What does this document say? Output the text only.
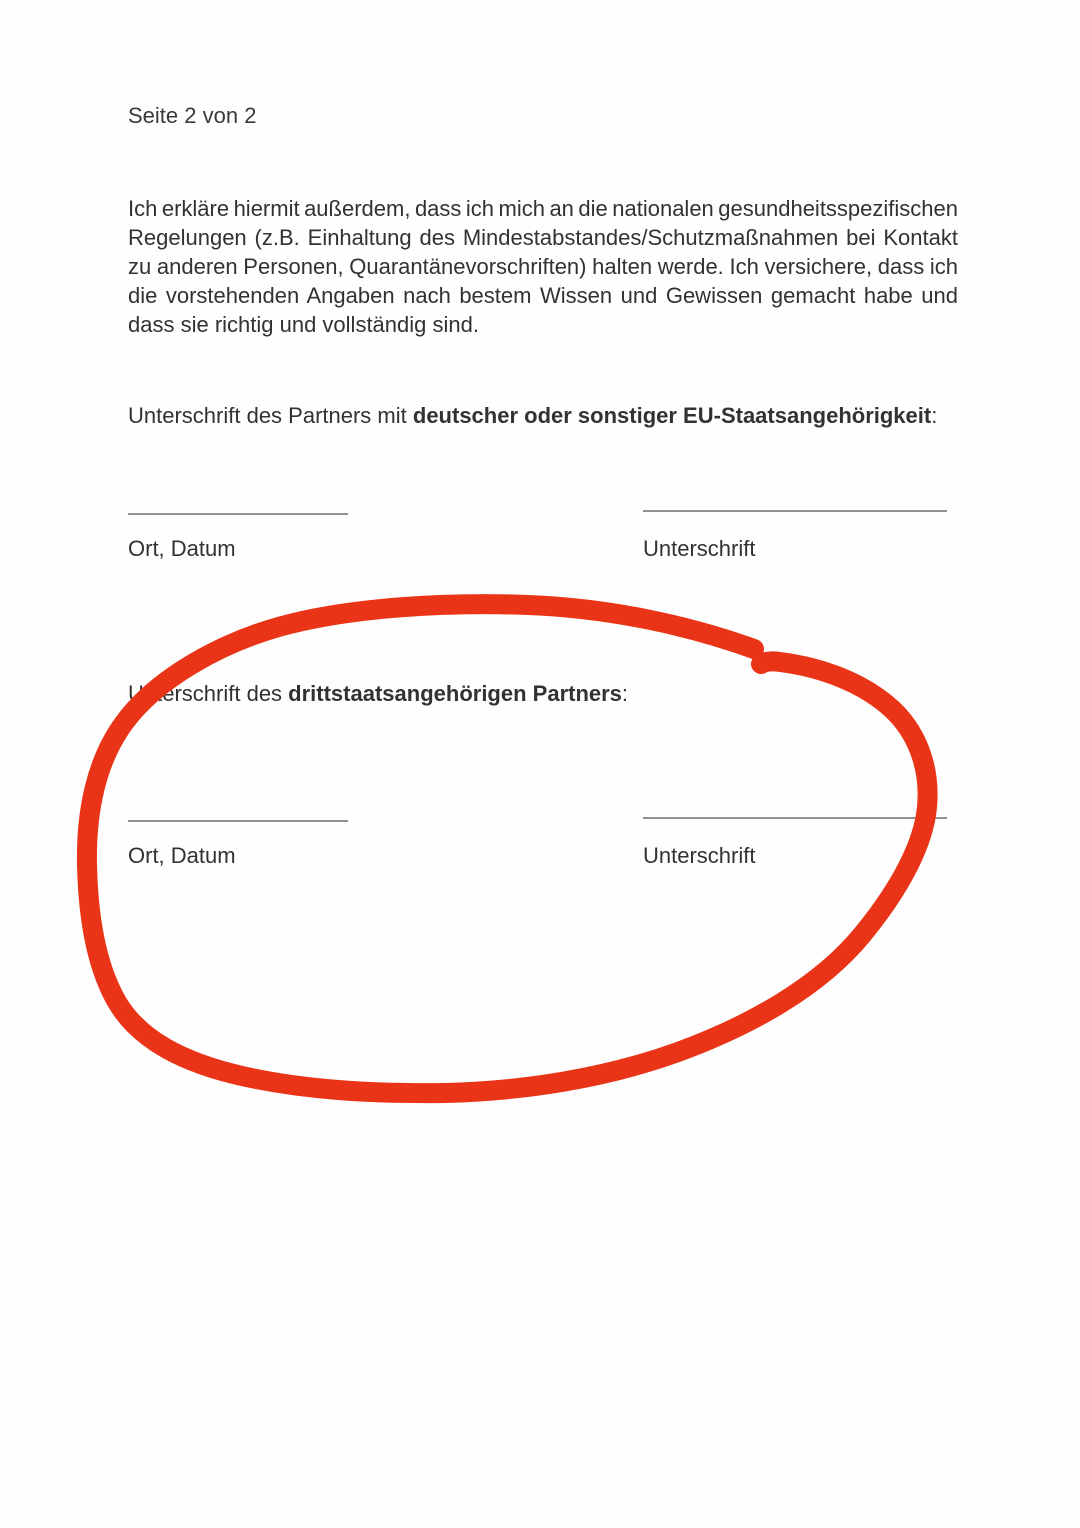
Seite 2 von 2
Ich erkläre hiermit außerdem, dass ich mich an die nationalen gesundheitsspezifischen
Regelungen (z.B. Einhaltung des Mindestabstandes/Schutzmaßnahmen bei Kontakt
zu anderen Personen, Quarantänevorschriften) halten werde. Ich versichere, dass ich
die vorstehenden Angaben nach bestem Wissen und Gewissen gemacht habe und
dass sie richtig und vollständig sind.
Unterschrift des Partners mit deutscher oder sonstiger EU-Staatsangehörigkeit:
Ort, Datum	Unterschrift
Unterschrift des drittstaatsangehörigen Partners:
Ort, Datum	Unterschrift
